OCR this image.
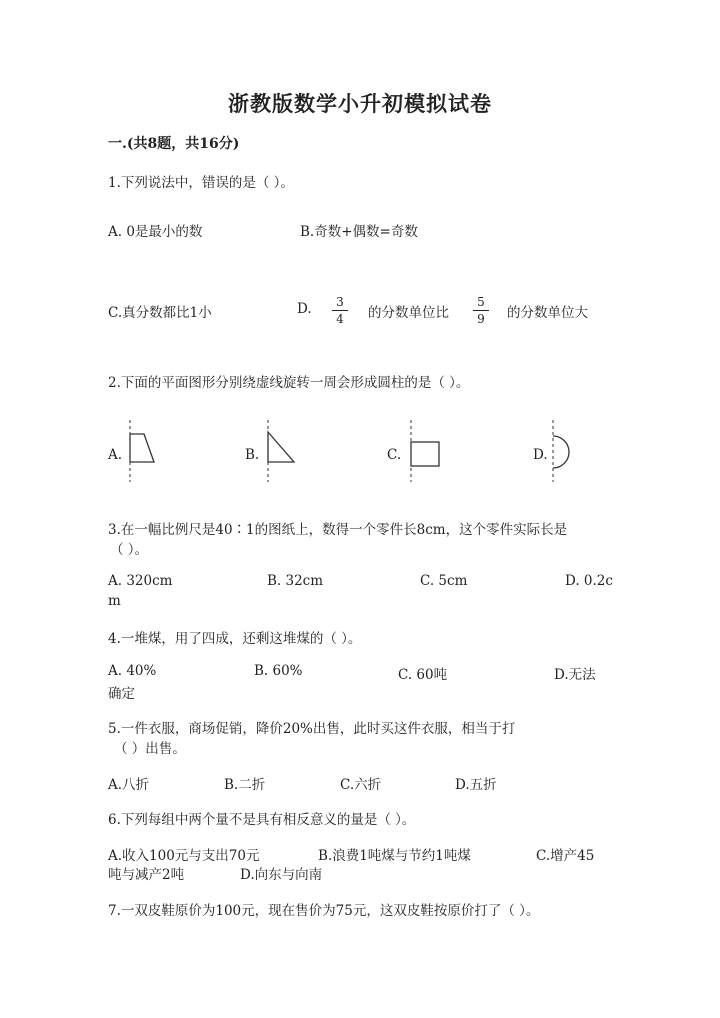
浙教版数学小升初模拟试卷
一.(共8题，共16分)
1.下列说法中，错误的是（ ）。
A. 0是最小的数	B.奇数+偶数=奇数
C.真分数都比1小	D.	3
4	的分数单位比
5
9	的分数单位大
2.下面的平面图形分别绕虚线旋转一周会形成圆柱的是（ ）。
A.	B.	C.	D.
3.在一幅比例尺是40∶1的图纸上，数得一个零件长8cm，这个零件实际长是
（ ）。
A. 320cm	B. 32cm	C. 5cm	D. 0.2c
m
4.一堆煤，用了四成，还剩这堆煤的（ ）。
A. 40%	B. 60%	C. 60吨	D.无法
确定
5.一件衣服，商场促销，降价20%出售，此时买这件衣服，相当于打
（ ）出售。
A.八折	B.二折	C.六折	D.五折
6.下列每组中两个量不是具有相反意义的量是（ ）。
A.收入100元与支出70元	B.浪费1吨煤与节约1吨煤	C.增产45
吨与减产2吨	D.向东与向南
7.一双皮鞋原价为100元，现在售价为75元，这双皮鞋按原价打了（ ）。
